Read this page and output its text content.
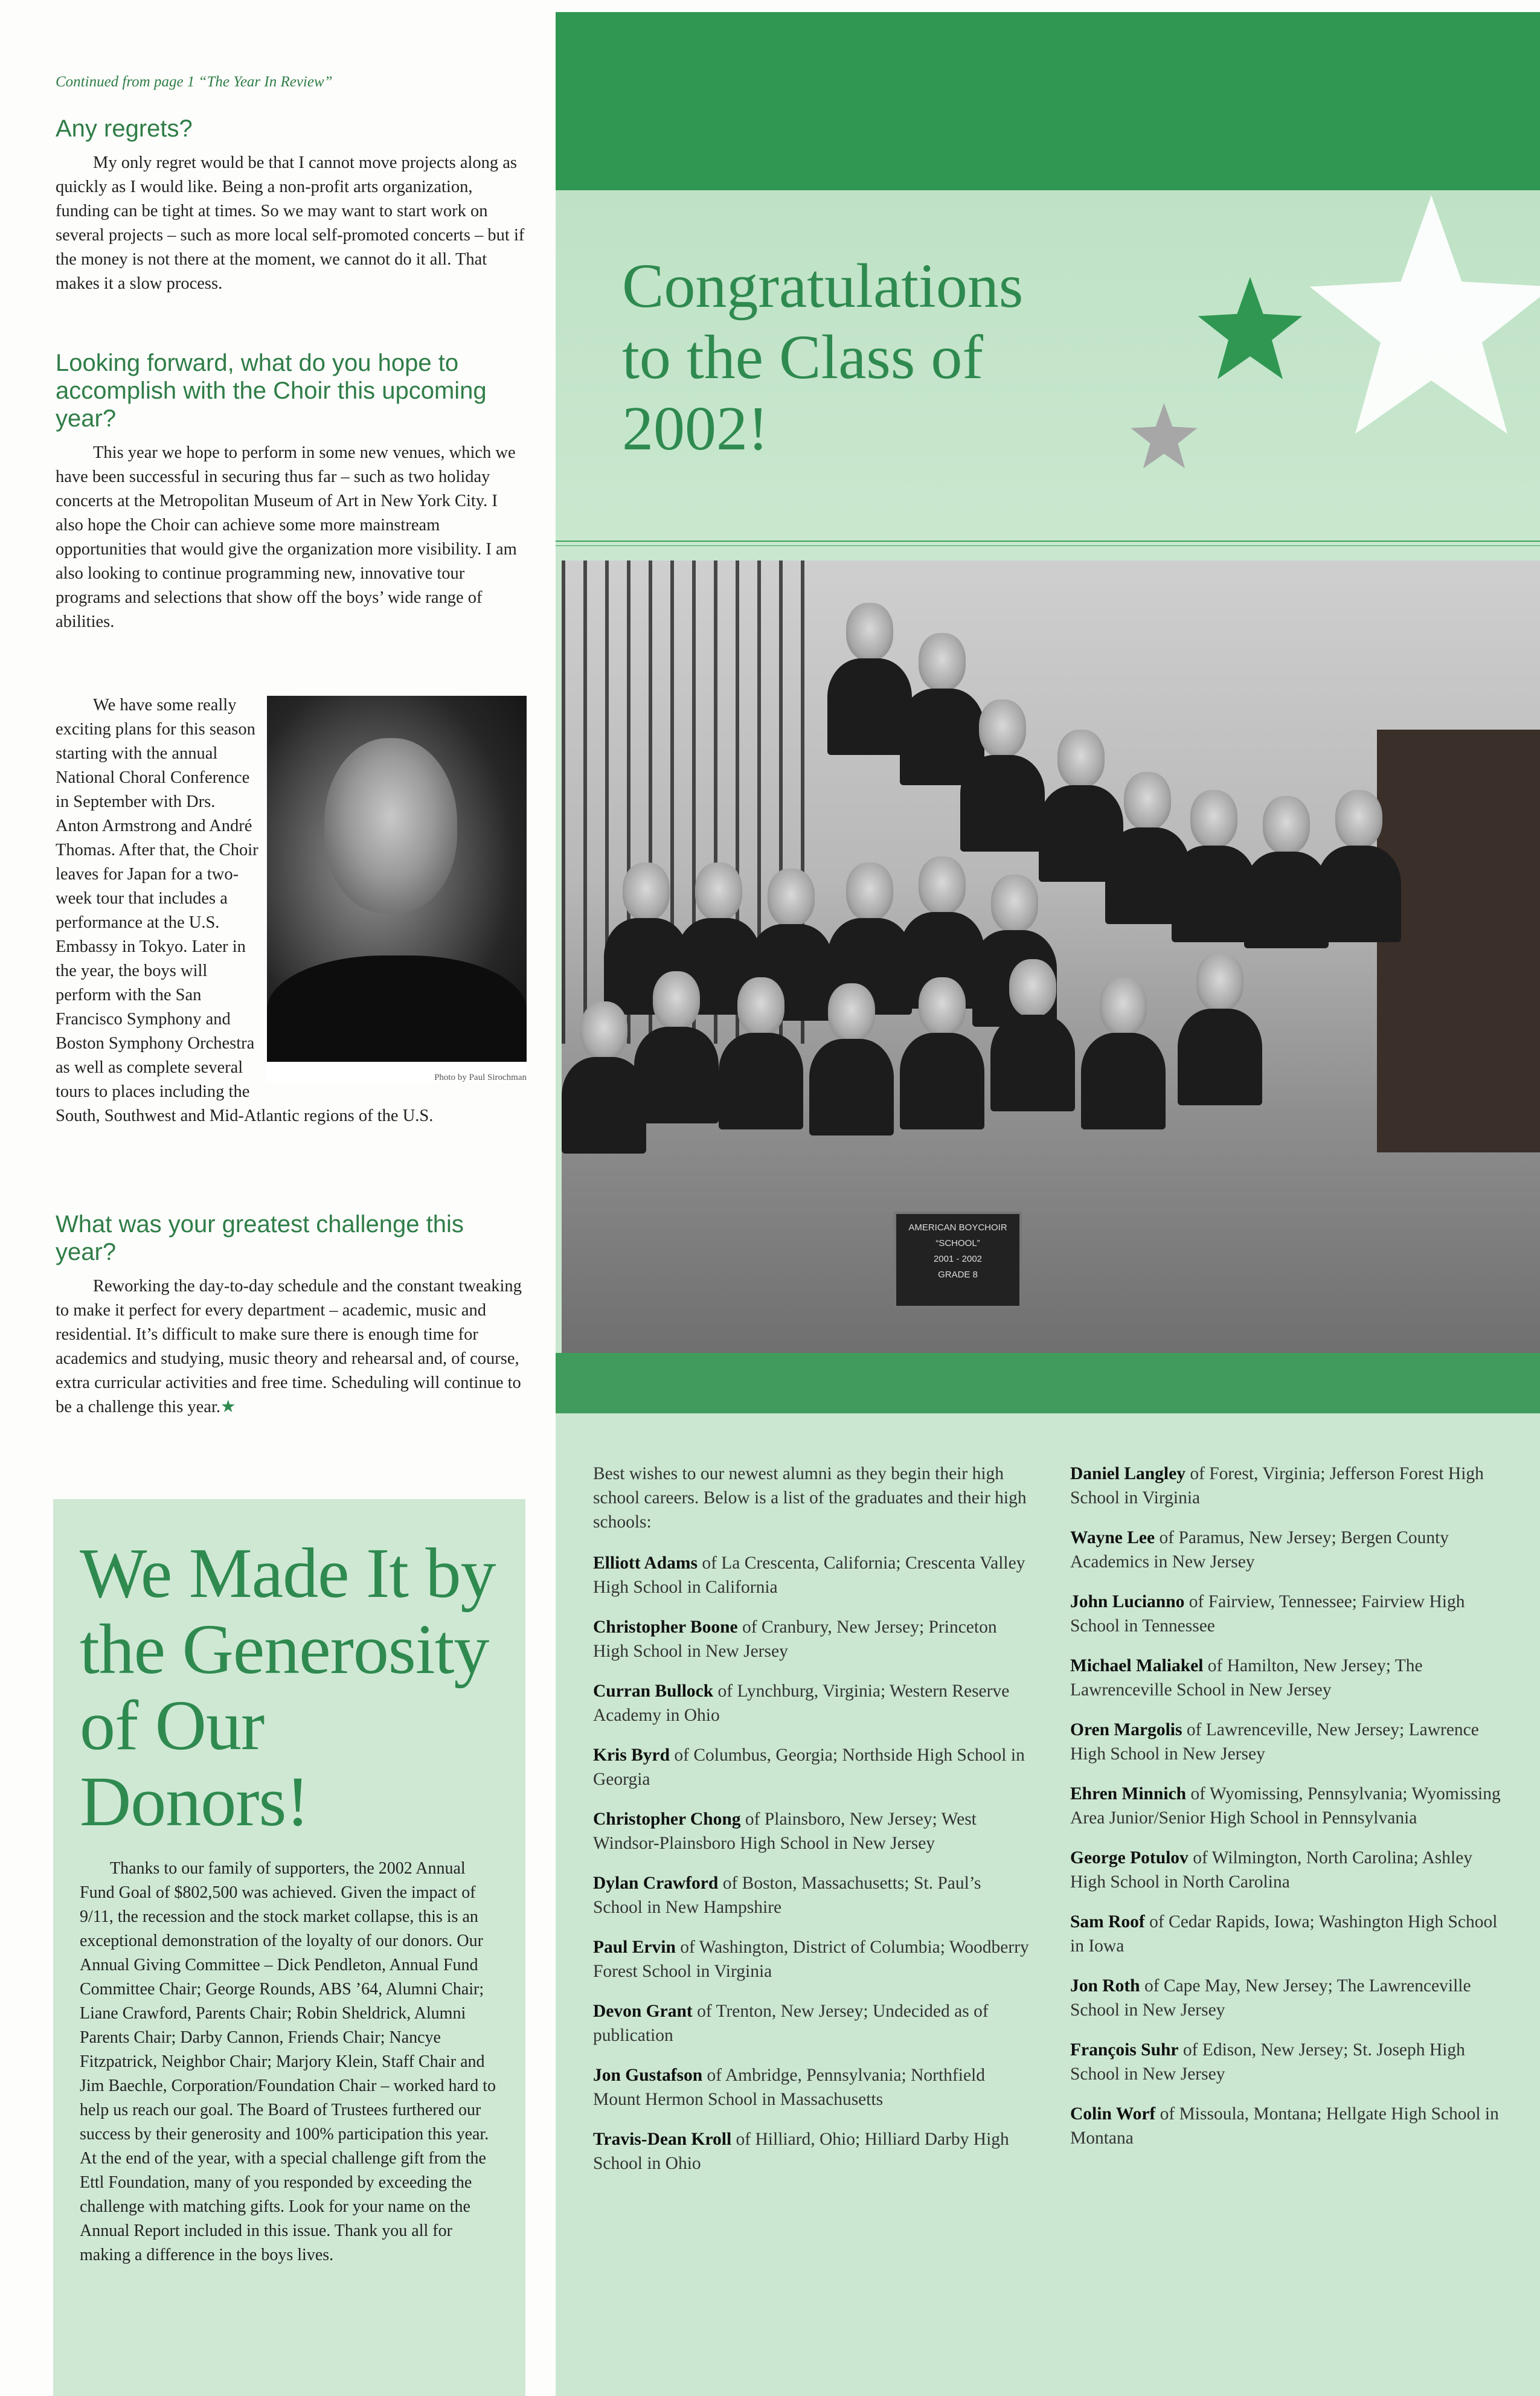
Continued from page 1 “The Year In Review”
Any regrets?

My only regret would be that I cannot move projects along as quickly as I would like. Being a non-profit arts organization, funding can be tight at times. So we may want to start work on several projects – such as more local self-promoted concerts – but if the money is not there at the moment, we cannot do it all. That makes it a slow process.

Looking forward, what do you hope to accomplish with the Choir this upcoming year?

This year we hope to perform in some new venues, which we have been successful in securing thus far – such as two holiday concerts at the Metropolitan Museum of Art in New York City. I also hope the Choir can achieve some more mainstream opportunities that would give the organization more visibility. I am also looking to continue programming new, innovative tour programs and selections that show off the boys’ wide range of abilities.

Photo by Paul Sirochman

We have some really exciting plans for this season starting with the annual National Choral Conference in September with Drs. Anton Armstrong and André Thomas. After that, the Choir leaves for Japan for a two-week tour that includes a performance at the U.S. Embassy in Tokyo. Later in the year, the boys will perform with the San Francisco Symphony and Boston Symphony Orchestra as well as complete several tours to places including the South, Southwest and Mid-Atlantic regions of the U.S.

What was your greatest challenge this year?

Reworking the day-to-day schedule and the constant tweaking to make it perfect for every department – academic, music and residential. It’s difficult to make sure there is enough time for academics and studying, music theory and rehearsal and, of course, extra curricular activities and free time. Scheduling will continue to be a challenge this year.★

We Made It by the Generosity of Our Donors!

Thanks to our family of supporters, the 2002 Annual Fund Goal of $802,500 was achieved. Given the impact of 9/11, the recession and the stock market collapse, this is an exceptional demonstration of the loyalty of our donors. Our Annual Giving Committee – Dick Pendleton, Annual Fund Committee Chair; George Rounds, ABS ’64, Alumni Chair; Liane Crawford, Parents Chair; Robin Sheldrick, Alumni Parents Chair; Darby Cannon, Friends Chair; Nancye Fitzpatrick, Neighbor Chair; Marjory Klein, Staff Chair and Jim Baechle, Corporation/Foundation Chair – worked hard to help us reach our goal. The Board of Trustees furthered our success by their generosity and 100% participation this year. At the end of the year, with a special challenge gift from the Ettl Foundation, many of you responded by exceeding the challenge with matching gifts. Look for your name on the Annual Report included in this issue. Thank you all for making a difference in the boys lives.

Congratulations
to the Class of
2002!
AMERICAN BOYCHOIR
“SCHOOL”
2001 - 2002
GRADE 8

Best wishes to our newest alumni as they begin their high school careers. Below is a list of the graduates and their high schools:

Elliott Adams of La Crescenta, California; Crescenta Valley High School in California

Christopher Boone of Cranbury, New Jersey; Princeton High School in New Jersey

Curran Bullock of Lynchburg, Virginia; Western Reserve Academy in Ohio

Kris Byrd of Columbus, Georgia; Northside High School in Georgia

Christopher Chong of Plainsboro, New Jersey; West Windsor-Plainsboro High School in New Jersey

Dylan Crawford of Boston, Massachusetts; St. Paul’s School in New Hampshire

Paul Ervin of Washington, District of Columbia; Woodberry Forest School in Virginia

Devon Grant of Trenton, New Jersey; Undecided as of publication

Jon Gustafson of Ambridge, Pennsylvania; Northfield Mount Hermon School in Massachusetts

Travis-Dean Kroll of Hilliard, Ohio; Hilliard Darby High School in Ohio

Daniel Langley of Forest, Virginia; Jefferson Forest High School in Virginia

Wayne Lee of Paramus, New Jersey; Bergen County Academics in New Jersey

John Lucianno of Fairview, Tennessee; Fairview High School in Tennessee

Michael Maliakel of Hamilton, New Jersey; The Lawrenceville School in New Jersey

Oren Margolis of Lawrenceville, New Jersey; Lawrence High School in New Jersey

Ehren Minnich of Wyomissing, Pennsylvania; Wyomissing Area Junior/Senior High School in Pennsylvania

George Potulov of Wilmington, North Carolina; Ashley High School in North Carolina

Sam Roof of Cedar Rapids, Iowa; Washington High School in Iowa

Jon Roth of Cape May, New Jersey; The Lawrenceville School in New Jersey

François Suhr of Edison, New Jersey; St. Joseph High School in New Jersey

Colin Worf of Missoula, Montana; Hellgate High School in Montana
